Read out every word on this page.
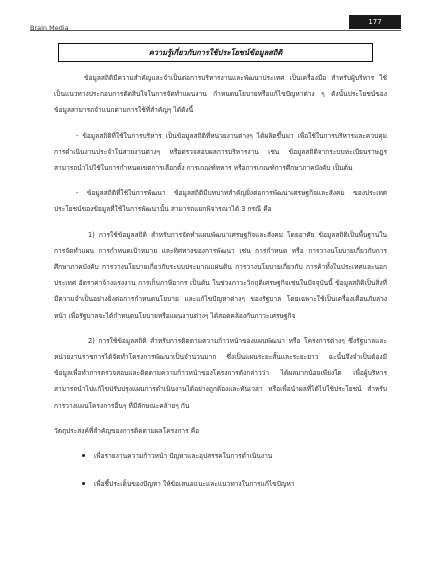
Brain Media
177
ความรู้เกี่ยวกับการใช้ประโยชน์ข้อมูลสถิติ

ข้อมูลสถิติมีความสำคัญและจำเป็นต่อการบริหารงานและพัฒนาประเทศ เป็นเครื่องมือ สำหรับผู้บริหาร ใช้เป็นแนวทางประกอบการตัดสินใจในการจัดทำแผนงาน กำหนดนโยบายหรือแก้ไขปัญหาต่าง ๆ ดังนั้นประโยชน์ของข้อมูลสามารถจำแนกตามการใช้ที่สำคัญๆ ได้ดังนี้

- ข้อมูลสถิติที่ใช้ในการบริหาร เป็นข้อมูลสถิติที่หน่วยงานต่างๆ ได้ผลิตขึ้นมา เพื่อใช้ในการบริหารและควบคุมการดำเนินงานประจำในสายงานต่างๆ หรือตรวจสอบผลการบริหารงาน เช่น ข้อมูลสถิติจากระบบทะเบียนราษฎร สามารถนำไปใช้ในการกำหนดเขตการเลือกตั้ง การเกณฑ์ทหาร หรือการเกณฑ์การศึกษาภาคบังคับ เป็นต้น

- ข้อมูลสถิติที่ใช้ในการพัฒนา ข้อมูลสถิติมีบทบาทสำคัญยิ่งต่อการพัฒนาเศรษฐกิจและสังคม ของประเทศ ประโยชน์ของข้อมูลที่ใช้ในการพัฒนานั้น สามารถแยกพิจารณาได้ 3 กรณี คือ

1) การใช้ข้อมูลสถิติ สำหรับการจัดทำแผนพัฒนาเศรษฐกิจและสังคม โดยอาศัย ข้อมูลสถิติเป็นพื้นฐานในการจัดทำแผน การกำหนดเป้าหมาย และทิศทางของการพัฒนา เช่น การกำหนด หรือ การวางนโยบายเกี่ยวกับการศึกษาภาคบังคับ การวางนโยบายเกี่ยวกับระบบประมาณแผ่นดิน การวางนโยบายเกี่ยวกับ การค้าทั้งในประเทศและนอกประเทศ อัตราค่าจ้างแรงงาน การเก็บภาษีอากร เป็นต้น ในช่วงภาวะวิกฤติเศรษฐกิจเช่นในปัจจุบันนี้ ข้อมูลสถิติเป็นสิ่งที่มีความจำเป็นอย่างยิ่งต่อการกำหนดนโยบาย และแก้ไขปัญหาต่างๆ ของรัฐบาล โดยเฉพาะใช้เป็นเครื่องเตือนภัยล่วงหน้า เพื่อรัฐบาลจะได้กำหนดนโยบายหรือแผนงานต่างๆ ได้สอดคล้องกับภาวะเศรษฐกิจ

2) การใช้ข้อมูลสถิติ สำหรับการติดตามความก้าวหน้าของแผนพัฒนา หรือ โครงการต่างๆ ซึ่งรัฐบาลและหน่วยงานราชการได้จัดทำโครงการพัฒนาเป็นจำนวนมาก ซึ่งเป็นแผนระยะสั้นและระยะยาว ฉะนั้นจึงจำเป็นต้องมีข้อมูลเพื่อทำการตรวจสอบและติดตามความก้าวหน้าของโครงการดังกล่าวว่า ได้ผลมากน้อยเพียงใด เพื่อผู้บริหาร สามารถนำไปแก้ไขปรับปรุงแผนการดำเนินงานได้อย่างถูกต้องและทันเวลา หรือเพื่อนำผลที่ได้ไปใช้ประโยชน์ สำหรับการวางแผนโครงการอื่นๆ ที่มีลักษณะคล้ายๆ กัน

วัตถุประสงค์ที่สำคัญของการติดตามผลโครงการ คือ

เพื่อรายงานความก้าวหน้า ปัญหาและอุปสรรคในการดำเนินงาน
เพื่อชี้ประเด็นของปัญหา ให้ข้อเสนอแนะและแนวทางในการแก้ไขปัญหา
